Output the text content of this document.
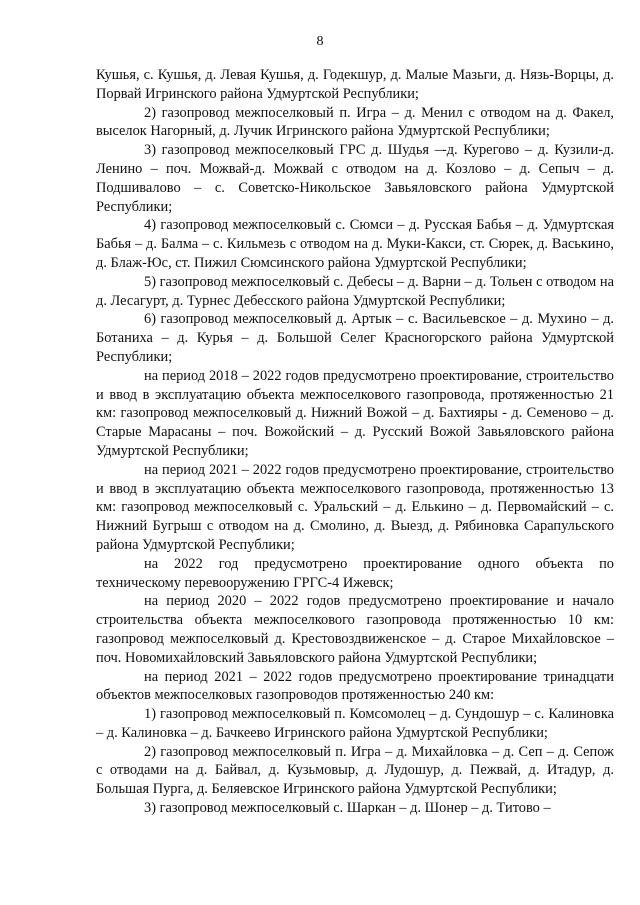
8

Кушья, с. Кушья, д. Левая Кушья, д. Годекшур, д. Малые Мазьги, д. Нязь-Ворцы, д. Порвай Игринского района Удмуртской Республики;

2) газопровод межпоселковый п. Игра – д. Менил с отводом на д. Факел, выселок Нагорный, д. Лучик Игринского района Удмуртской Республики;

3) газопровод межпоселковый ГРС д. Шудья –-д. Курегово – д. Кузили-д. Ленино – поч. Можвай-д. Можвай с отводом на д. Козлово – д. Сепыч – д. Подшивалово – с. Советско-Никольское Завьяловского района Удмуртской Республики;

4) газопровод межпоселковый с. Сюмси – д. Русская Бабья – д. Удмуртская Бабья – д. Балма – с. Кильмезь с отводом на д. Муки-Какси, ст. Сюрек, д. Васькино, д. Блаж-Юс, ст. Пижил Сюмсинского района Удмуртской Республики;

5) газопровод межпоселковый с. Дебесы – д. Варни – д. Тольен с отводом на д. Лесагурт, д. Турнес Дебесского района Удмуртской Республики;

6) газопровод межпоселковый д. Артык – с. Васильевское – д. Мухино – д. Ботаниха – д. Курья – д. Большой Селег Красногорского района Удмуртской Республики;

на период 2018 – 2022 годов предусмотрено проектирование, строительство и ввод в эксплуатацию объекта межпоселкового газопровода, протяженностью 21 км: газопровод межпоселковый д. Нижний Вожой – д. Бахтияры - д. Семеново – д. Старые Марасаны – поч. Вожойский – д. Русский Вожой Завьяловского района Удмуртской Республики;

на период 2021 – 2022 годов предусмотрено проектирование, строительство и ввод в эксплуатацию объекта межпоселкового газопровода, протяженностью 13 км: газопровод межпоселковый с. Уральский – д. Елькино – д. Первомайский – с. Нижний Бугрыш с отводом на д. Смолино, д. Выезд, д. Рябиновка Сарапульского района Удмуртской Республики;

на 2022 год предусмотрено проектирование одного объекта по техническому перевооружению ГРГС-4 Ижевск;

на период 2020 – 2022 годов предусмотрено проектирование и начало строительства объекта межпоселкового газопровода протяженностью 10 км: газопровод межпоселковый д. Крестовоздвиженское – д. Старое Михайловское – поч. Новомихайловский Завьяловского района Удмуртской Республики;

на период 2021 – 2022 годов предусмотрено проектирование тринадцати объектов межпоселковых газопроводов протяженностью 240 км:

1) газопровод межпоселковый п. Комсомолец – д. Сундошур – с. Калиновка – д. Калиновка – д. Бачкеево Игринского района Удмуртской Республики;

2) газопровод межпоселковый п. Игра – д. Михайловка – д. Сеп – д. Сепож с отводами на д. Байвал, д. Кузьмовыр, д. Лудошур, д. Пежвай, д. Итадур, д. Большая Пурга, д. Беляевское Игринского района Удмуртской Республики;

3) газопровод межпоселковый с. Шаркан – д. Шонер – д. Титово –
